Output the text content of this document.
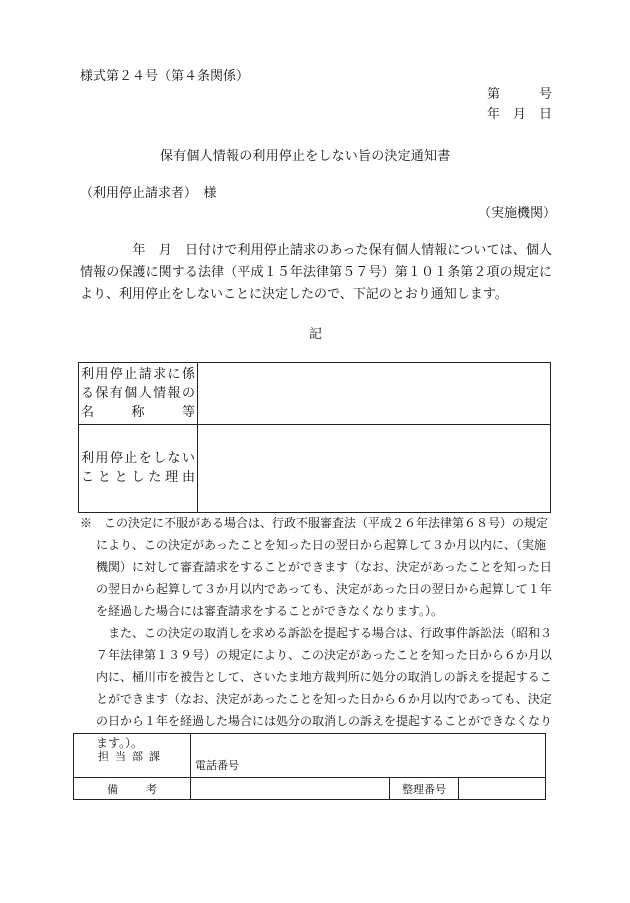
様式第２４号（第４条関係）
第　　　号
年　月　日
保有個人情報の利用停止をしない旨の決定通知書
（利用停止請求者）　様
（実施機関）
　　　　年　月　日付けで利用停止請求のあった保有個人情報については、個人情報の保護に関する法律（平成１５年法律第５７号）第１０１条第２項の規定により、利用停止をしないことに決定したので、下記のとおり通知します。
記
利用停止請求に係る保有個人情報の名称等	
利用停止をしないこととした理由	

※　この決定に不服がある場合は、行政不服審査法（平成２６年法律第６８号）の規定により、この決定があったことを知った日の翌日から起算して３か月以内に、（実施機関）に対して審査請求をすることができます（なお、決定があったことを知った日の翌日から起算して３か月以内であっても、決定があった日の翌日から起算して１年を経過した場合には審査請求をすることができなくなります。）。

また、この決定の取消しを求める訴訟を提起する場合は、行政事件訴訟法（昭和３７年法律第１３９号）の規定により、この決定があったことを知った日から６か月以内に、桶川市を被告として、さいたま地方裁判所に処分の取消しの訴えを提起することができます（なお、決定があったことを知った日から６か月以内であっても、決定の日から１年を経過した場合には処分の取消しの訴えを提起することができなくなります。）。

担当部課	電話番号		
備考		整理番号	
